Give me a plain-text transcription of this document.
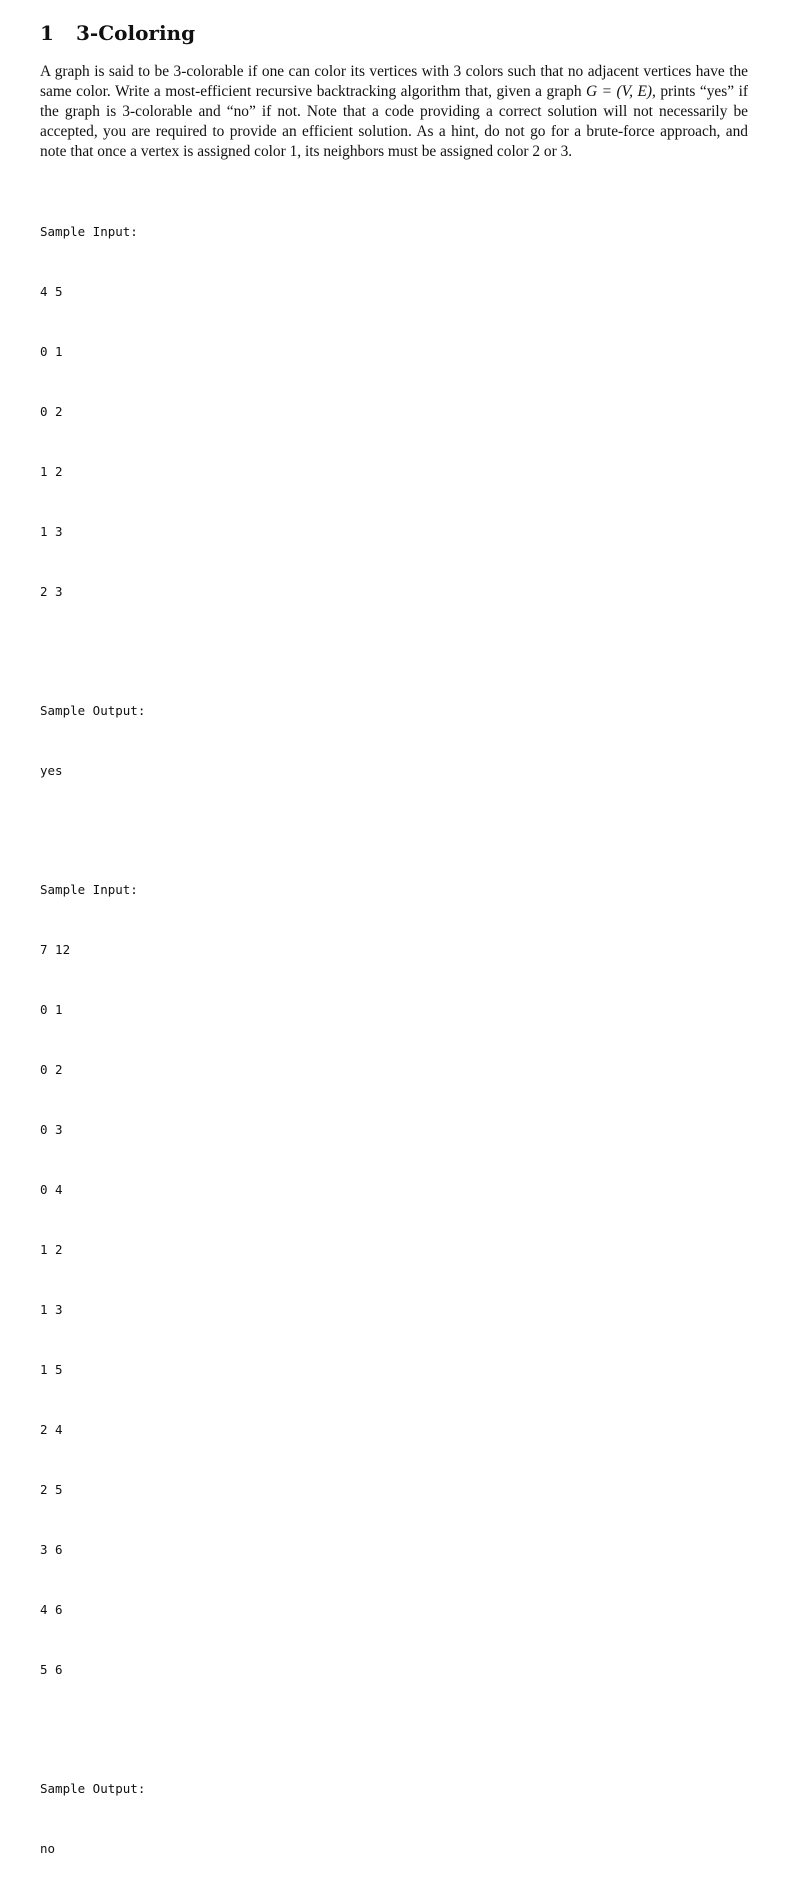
1 3-Coloring

A graph is said to be 3-colorable if one can color its vertices with 3 colors such that no adjacent vertices have the same color. Write a most-efficient recursive backtracking algorithm that, given a graph G = (V, E), prints “yes” if the graph is 3-colorable and “no” if not. Note that a code providing a correct solution will not necessarily be accepted, you are required to provide an efficient solution. As a hint, do not go for a brute-force approach, and note that once a vertex is assigned color 1, its neighbors must be assigned color 2 or 3.

Sample Input:

4 5

0 1

0 2

1 2

1 3

2 3

Sample Output:

yes

Sample Input:

7 12

0 1

0 2

0 3

0 4

1 2

1 3

1 5

2 4

2 5

3 6

4 6

5 6

Sample Output:

no
